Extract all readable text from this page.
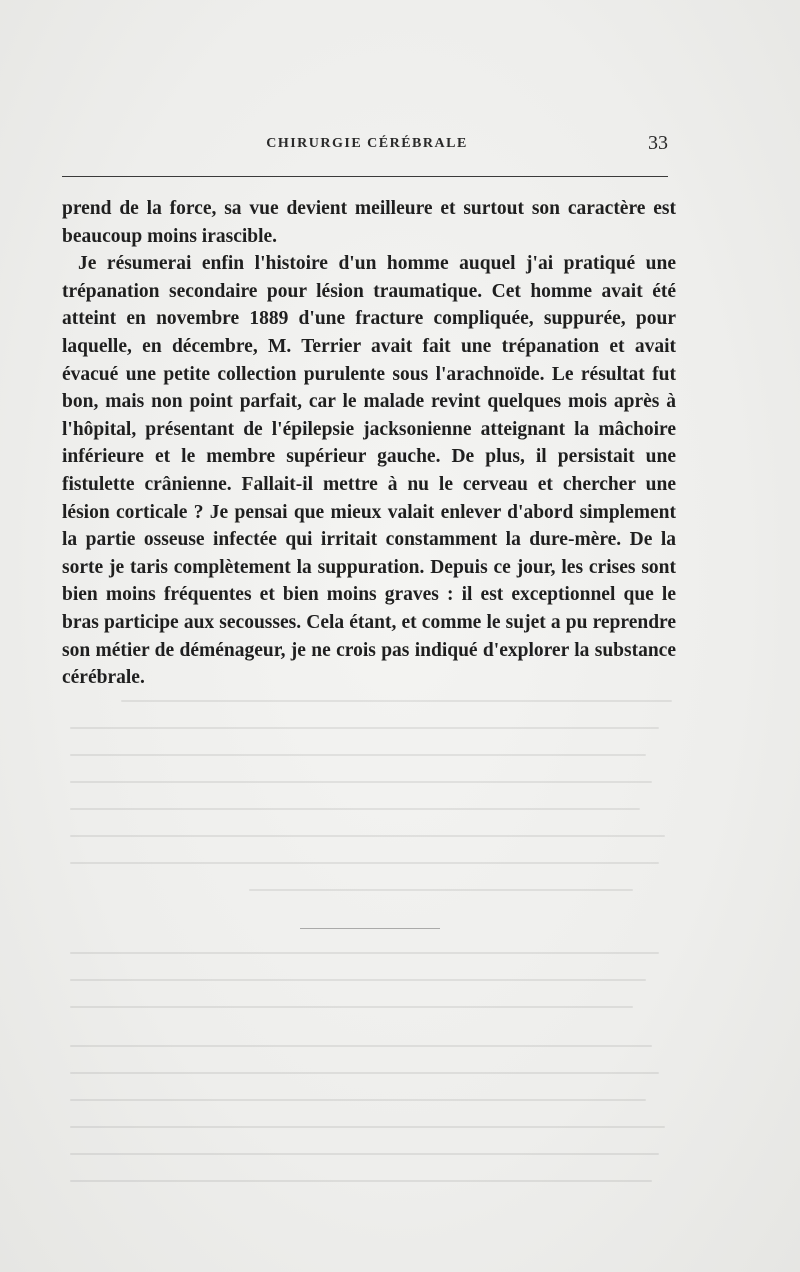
CHIRURGIE CÉRÉBRALE	33

prend de la force, sa vue devient meilleure et surtout son caractère est beaucoup moins irascible.

Je résumerai enfin l'histoire d'un homme auquel j'ai pratiqué une trépanation secondaire pour lésion traumatique. Cet homme avait été atteint en novembre 1889 d'une fracture compliquée, suppurée, pour laquelle, en décembre, M. Terrier avait fait une trépanation et avait évacué une petite collection purulente sous l'arachnoïde. Le résultat fut bon, mais non point parfait, car le malade revint quelques mois après à l'hôpital, présentant de l'épilepsie jacksonienne atteignant la mâchoire inférieure et le membre supérieur gauche. De plus, il persistait une fistulette crânienne. Fallait-il mettre à nu le cerveau et chercher une lésion corticale ? Je pensai que mieux valait enlever d'abord simplement la partie osseuse infectée qui irritait constamment la dure-mère. De la sorte je taris complètement la suppuration. Depuis ce jour, les crises sont bien moins fréquentes et bien moins graves : il est exceptionnel que le bras participe aux secousses. Cela étant, et comme le sujet a pu reprendre son métier de déménageur, je ne crois pas indiqué d'explorer la substance cérébrale.
